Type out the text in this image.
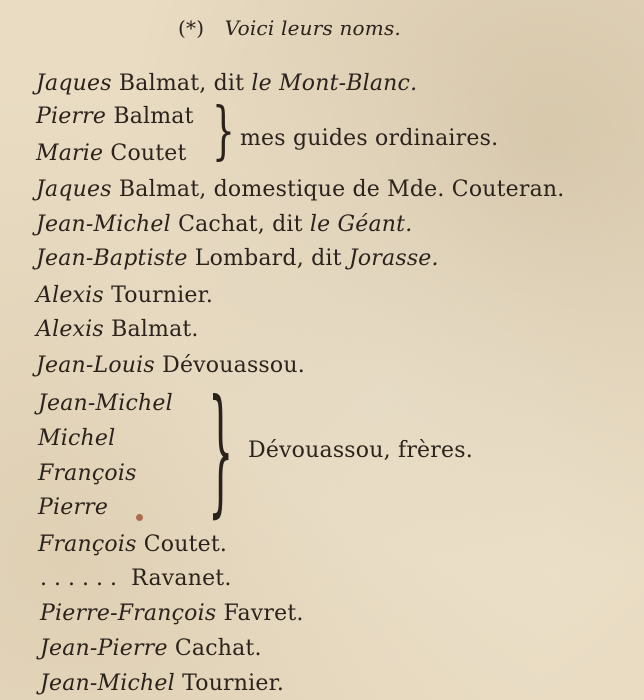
(*) Voici leurs noms.
Jaques Balmat, dit le Mont-Blanc.
Pierre Balmat
Marie Coutet } mes guides ordinaires.
Jaques Balmat, domestique de Mde. Couteran.
Jean-Michel Cachat, dit le Géant.
Jean-Baptiste Lombard, dit Jorasse.
Alexis Tournier.
Alexis Balmat.
Jean-Louis Dévouassou.
Jean-Michel
Michel
François
Pierre } Dévouassou, frères.
François Coutet.
...... Ravanet.
Pierre-François Favret.
Jean-Pierre Cachat.
Jean-Michel Tournier.
